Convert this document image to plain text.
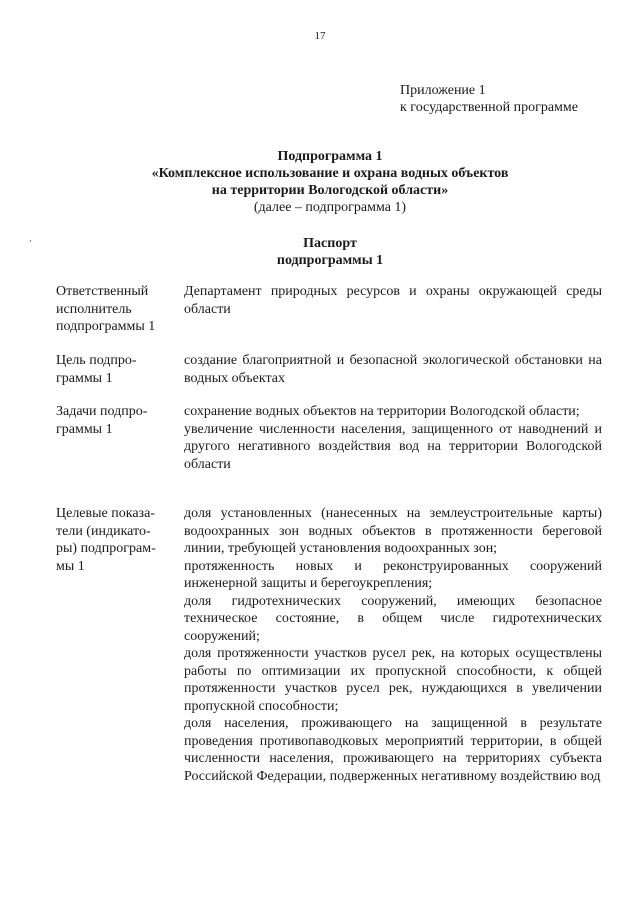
17
Приложение 1
к государственной программе
Подпрограмма 1
«Комплексное использование и охрана водных объектов
на территории Вологодской области»
(далее – подпрограмма 1)
Паспорт
подпрограммы 1
Ответственный
исполнитель
подпрограммы 1

Департамент природных ресурсов и охраны окружающей среды области

Цель подпро-
граммы 1

создание благоприятной и безопасной экологической обстановки на водных объектах

Задачи подпро-
граммы 1

сохранение водных объектов на территории Вологодской области;

увеличение численности населения, защищенного от наводнений и другого негативного воздействия вод на территории Вологодской области

Целевые показа-
тели (индикато-
ры) подпрограм-
мы 1

доля установленных (нанесенных на землеустроительные карты) водоохранных зон водных объектов в протяженности береговой линии, требующей установления водоохранных зон;

протяженность новых и реконструированных сооружений инженерной защиты и берегоукрепления;

доля гидротехнических сооружений, имеющих безопасное техническое состояние, в общем числе гидротехнических сооружений;

доля протяженности участков русел рек, на которых осуществлены работы по оптимизации их пропускной способности, к общей протяженности участков русел рек, нуждающихся в увеличении пропускной способности;

доля населения, проживающего на защищенной в результате проведения противопаводковых мероприятий территории, в общей численности населения, проживающего на территориях субъекта Российской Федерации, подверженных негативному воздействию вод
